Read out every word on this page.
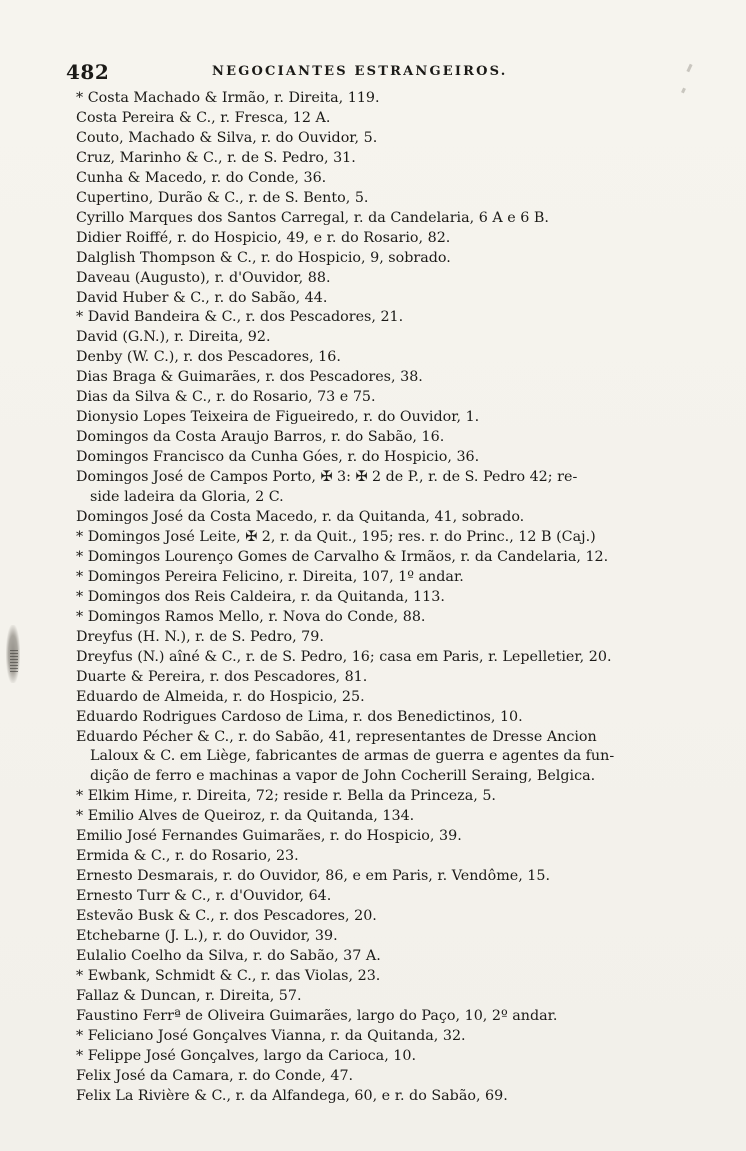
482	NEGOCIANTES ESTRANGEIROS.
* Costa Machado & Irmão, r. Direita, 119.
Costa Pereira & C., r. Fresca, 12 A.
Couto, Machado & Silva, r. do Ouvidor, 5.
Cruz, Marinho & C., r. de S. Pedro, 31.
Cunha & Macedo, r. do Conde, 36.
Cupertino, Durão & C., r. de S. Bento, 5.
Cyrillo Marques dos Santos Carregal, r. da Candelaria, 6 A e 6 B.
Didier Roiffé, r. do Hospicio, 49, e r. do Rosario, 82.
Dalglish Thompson & C., r. do Hospicio, 9, sobrado.
Daveau (Augusto), r. d'Ouvidor, 88.
David Huber & C., r. do Sabão, 44.
* David Bandeira & C., r. dos Pescadores, 21.
David (G.N.), r. Direita, 92.
Denby (W. C.), r. dos Pescadores, 16.
Dias Braga & Guimarães, r. dos Pescadores, 38.
Dias da Silva & C., r. do Rosario, 73 e 75.
Dionysio Lopes Teixeira de Figueiredo, r. do Ouvidor, 1.
Domingos da Costa Araujo Barros, r. do Sabão, 16.
Domingos Francisco da Cunha Góes, r. do Hospicio, 36.
Domingos José de Campos Porto, ✠ 3: ✠ 2 de P., r. de S. Pedro 42; re-
side ladeira da Gloria, 2 C.
Domingos José da Costa Macedo, r. da Quitanda, 41, sobrado.
* Domingos José Leite, ✠ 2, r. da Quit., 195; res. r. do Princ., 12 B (Caj.)
* Domingos Lourenço Gomes de Carvalho & Irmãos, r. da Candelaria, 12.
* Domingos Pereira Felicino, r. Direita, 107, 1º andar.
* Domingos dos Reis Caldeira, r. da Quitanda, 113.
* Domingos Ramos Mello, r. Nova do Conde, 88.
Dreyfus (H. N.), r. de S. Pedro, 79.
Dreyfus (N.) aîné & C., r. de S. Pedro, 16; casa em Paris, r. Lepelletier, 20.
Duarte & Pereira, r. dos Pescadores, 81.
Eduardo de Almeida, r. do Hospicio, 25.
Eduardo Rodrigues Cardoso de Lima, r. dos Benedictinos, 10.
Eduardo Pécher & C., r. do Sabão, 41, representantes de Dresse Ancion
Laloux & C. em Liège, fabricantes de armas de guerra e agentes da fun-
dição de ferro e machinas a vapor de John Cocherill Seraing, Belgica.
* Elkim Hime, r. Direita, 72; reside r. Bella da Princeza, 5.
* Emilio Alves de Queiroz, r. da Quitanda, 134.
Emilio José Fernandes Guimarães, r. do Hospicio, 39.
Ermida & C., r. do Rosario, 23.
Ernesto Desmarais, r. do Ouvidor, 86, e em Paris, r. Vendôme, 15.
Ernesto Turr & C., r. d'Ouvidor, 64.
Estevão Busk & C., r. dos Pescadores, 20.
Etchebarne (J. L.), r. do Ouvidor, 39.
Eulalio Coelho da Silva, r. do Sabão, 37 A.
* Ewbank, Schmidt & C., r. das Violas, 23.
Fallaz & Duncan, r. Direita, 57.
Faustino Ferrª de Oliveira Guimarães, largo do Paço, 10, 2º andar.
* Feliciano José Gonçalves Vianna, r. da Quitanda, 32.
* Felippe José Gonçalves, largo da Carioca, 10.
Felix José da Camara, r. do Conde, 47.
Felix La Rivière & C., r. da Alfandega, 60, e r. do Sabão, 69.
